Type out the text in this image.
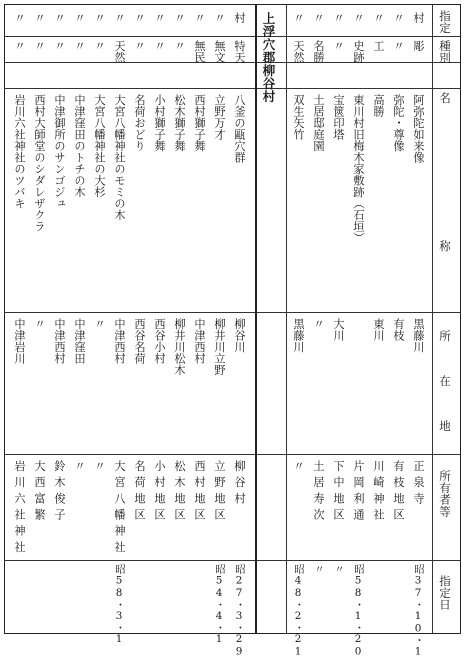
上浮穴郡柳谷村	指定
種別
名
称
所
在
地
所有者等
指定日
村
彫
阿弥陀如来像
黒藤川
正泉寺
昭37・10・1
〃
〃
弥陀・尊像
有枝
有枝地区
〃
工
高勝
東川
川崎神社
〃
史跡
東川村旧梅木家敷跡（石垣）
片岡利通
昭58・1・20
〃
〃
宝篋印塔
大川
下中地区
〃
〃
名勝
土居邸庭園
〃
土居寿次
〃
〃
天然
双生矢竹
黒藤川
〃
昭48・2・21
村
特天
八釜の甌穴群
柳谷川
柳谷村
昭27・3・29
〃
無文
立野万才
柳井川立野
立野地区
昭54・4・1
〃
無民
西村獅子舞
中津西村
西村地区
〃
〃
松木獅子舞
柳井川松木
松木地区
〃
〃
小村獅子舞
西谷小村
小村地区
〃
〃
名荷おどり
西谷名荷
名荷地区
〃
天然
大宮八幡神社のモミの木
中津西村
大宮八幡神社
昭58・3・1
〃
〃
大宮八幡神社の大杉
〃
〃
〃
〃
中津窪田のトチの木
中津窪田
〃
〃
〃
中津御所のサンゴジュ
中津西村
鈴木俊子
〃
〃
西村大師堂のシダレザクラ
〃
大西富繁
〃
〃
岩川六社神社のツバキ
中津岩川
岩川六社神社
